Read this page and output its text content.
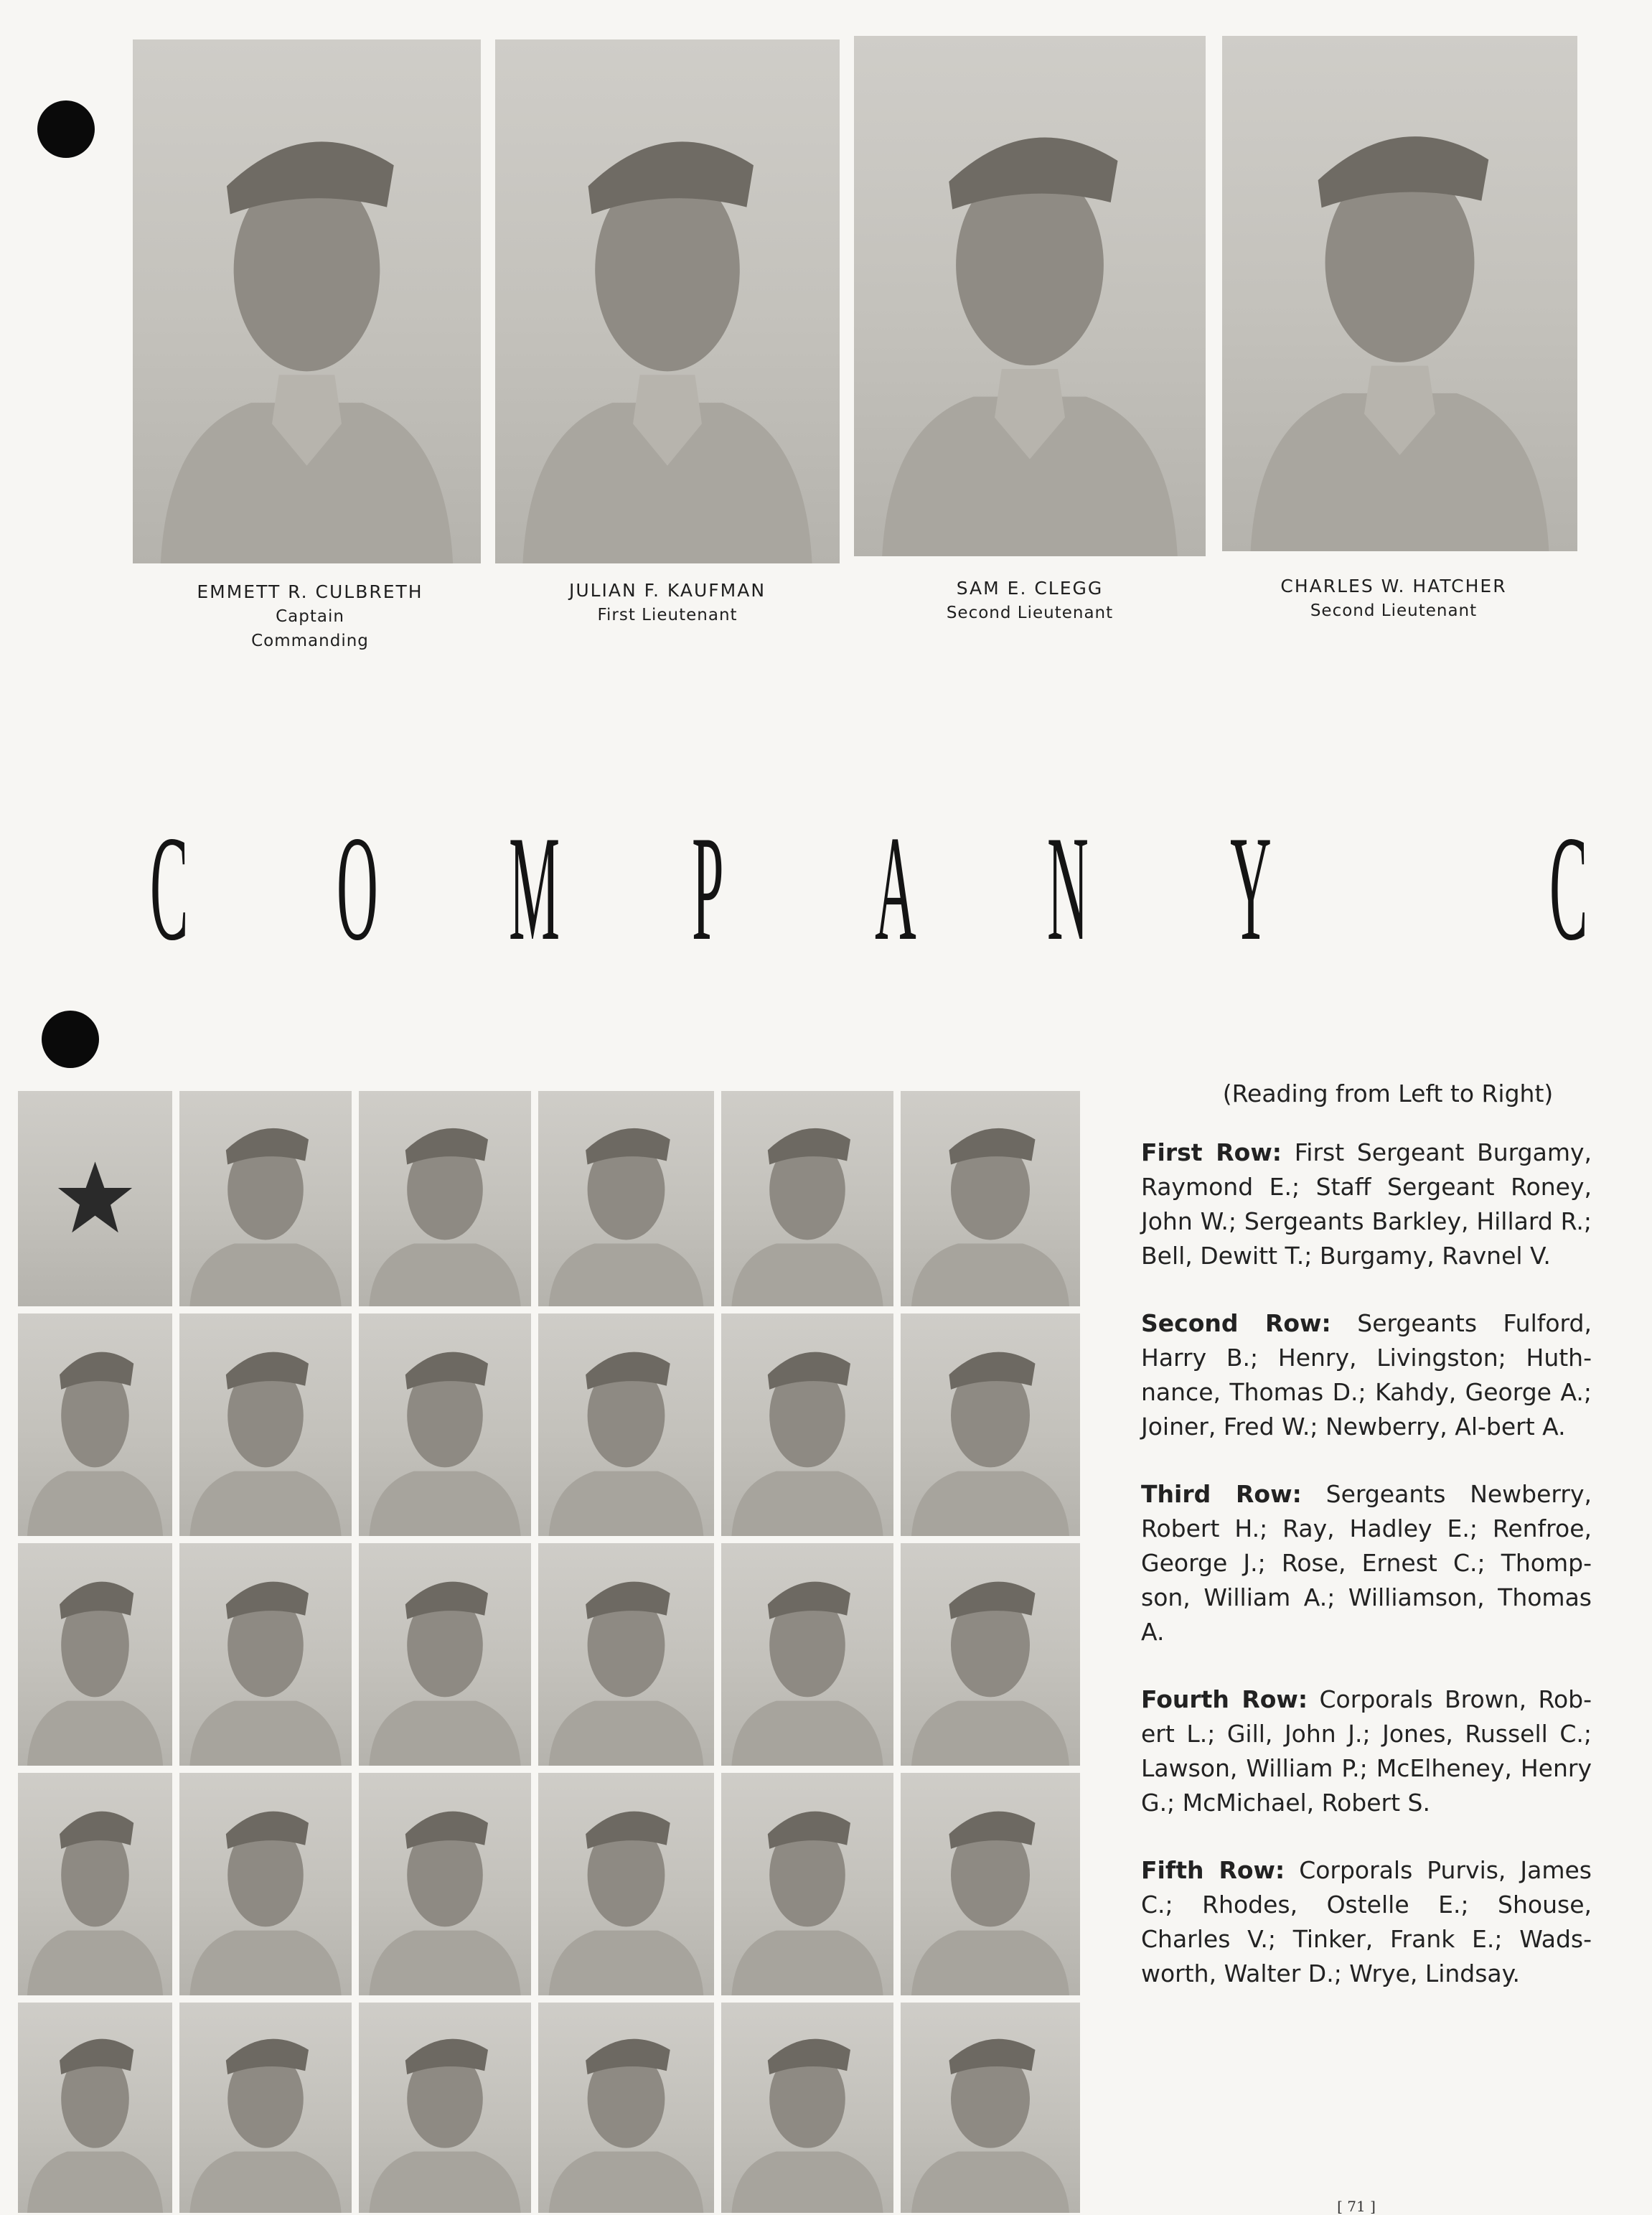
EMMETT R. CULBRETH
Captain
Commanding
JULIAN F. KAUFMAN
First Lieutenant
SAM E. CLEGG
Second Lieutenant
CHARLES W. HATCHER
Second Lieutenant
C O M P A N Y C
(Reading from Left to Right)

First Row: First Sergeant Burgamy, Raymond E.; Staff Sergeant Roney, John W.; Sergeants Barkley, Hillard R.; Bell, Dewitt T.; Burgamy, Ravnel V.

Second Row: Sergeants Fulford, Harry B.; Henry, Livingston; Huth-nance, Thomas D.; Kahdy, George A.; Joiner, Fred W.; Newberry, Al-bert A.

Third Row: Sergeants Newberry, Robert H.; Ray, Hadley E.; Renfroe, George J.; Rose, Ernest C.; Thomp-son, William A.; Williamson, Thomas A.

Fourth Row: Corporals Brown, Rob-ert L.; Gill, John J.; Jones, Russell C.; Lawson, William P.; McElheney, Henry G.; McMichael, Robert S.

Fifth Row: Corporals Purvis, James C.; Rhodes, Ostelle E.; Shouse, Charles V.; Tinker, Frank E.; Wads-worth, Walter D.; Wrye, Lindsay.

[ 71 ]
